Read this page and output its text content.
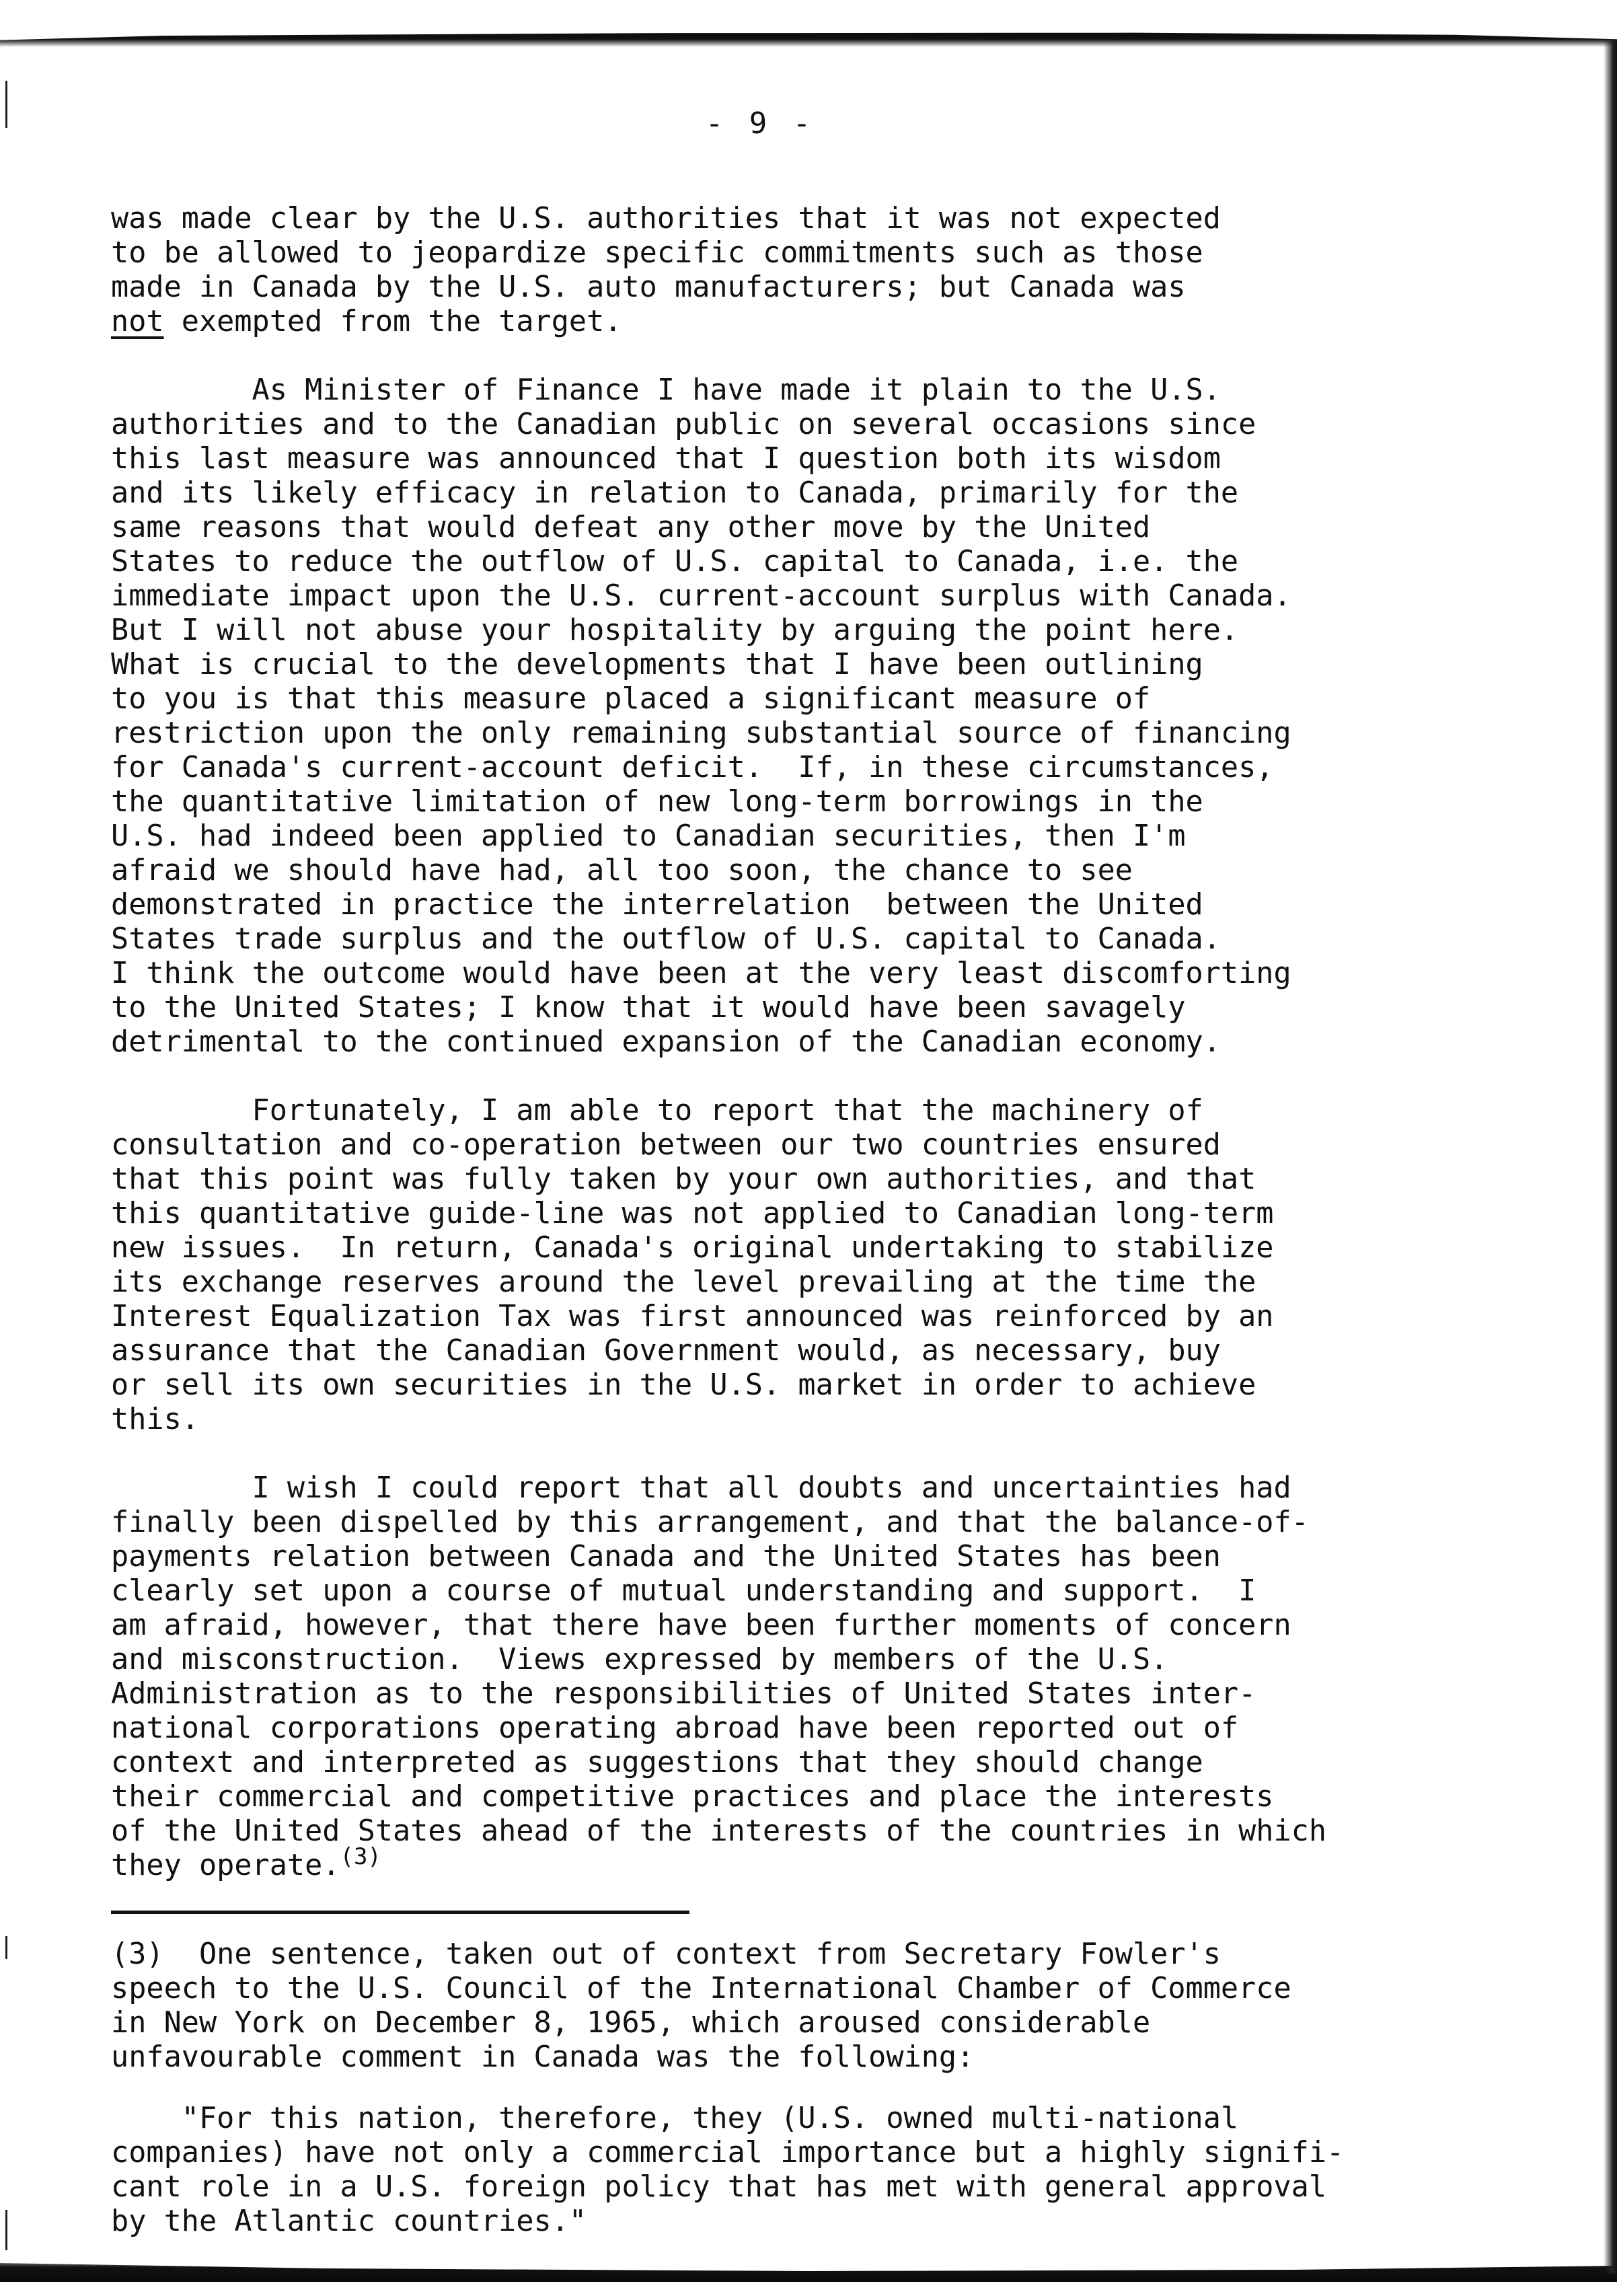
- 9 -
was made clear by the U.S. authorities that it was not expected
to be allowed to jeopardize specific commitments such as those
made in Canada by the U.S. auto manufacturers; but Canada was
not exempted from the target.
As Minister of Finance I have made it plain to the U.S.
authorities and to the Canadian public on several occasions since
this last measure was announced that I question both its wisdom
and its likely efficacy in relation to Canada, primarily for the
same reasons that would defeat any other move by the United
States to reduce the outflow of U.S. capital to Canada, i.e. the
immediate impact upon the U.S. current-account surplus with Canada.
But I will not abuse your hospitality by arguing the point here.
What is crucial to the developments that I have been outlining
to you is that this measure placed a significant measure of
restriction upon the only remaining substantial source of financing
for Canada's current-account deficit.  If, in these circumstances,
the quantitative limitation of new long-term borrowings in the
U.S. had indeed been applied to Canadian securities, then I'm
afraid we should have had, all too soon, the chance to see
demonstrated in practice the interrelation  between the United
States trade surplus and the outflow of U.S. capital to Canada.
I think the outcome would have been at the very least discomforting
to the United States; I know that it would have been savagely
detrimental to the continued expansion of the Canadian economy.
Fortunately, I am able to report that the machinery of
consultation and co-operation between our two countries ensured
that this point was fully taken by your own authorities, and that
this quantitative guide-line was not applied to Canadian long-term
new issues.  In return, Canada's original undertaking to stabilize
its exchange reserves around the level prevailing at the time the
Interest Equalization Tax was first announced was reinforced by an
assurance that the Canadian Government would, as necessary, buy
or sell its own securities in the U.S. market in order to achieve
this.
I wish I could report that all doubts and uncertainties had
finally been dispelled by this arrangement, and that the balance-of-
payments relation between Canada and the United States has been
clearly set upon a course of mutual understanding and support.  I
am afraid, however, that there have been further moments of concern
and misconstruction.  Views expressed by members of the U.S.
Administration as to the responsibilities of United States inter-
national corporations operating abroad have been reported out of
context and interpreted as suggestions that they should change
their commercial and competitive practices and place the interests
of the United States ahead of the interests of the countries in which
they operate.$^{(3)}$
(3)  One sentence, taken out of context from Secretary Fowler's
speech to the U.S. Council of the International Chamber of Commerce
in New York on December 8, 1965, which aroused considerable
unfavourable comment in Canada was the following:
"For this nation, therefore, they (U.S. owned multi-national
companies) have not only a commercial importance but a highly signifi-
cant role in a U.S. foreign policy that has met with general approval
by the Atlantic countries."
